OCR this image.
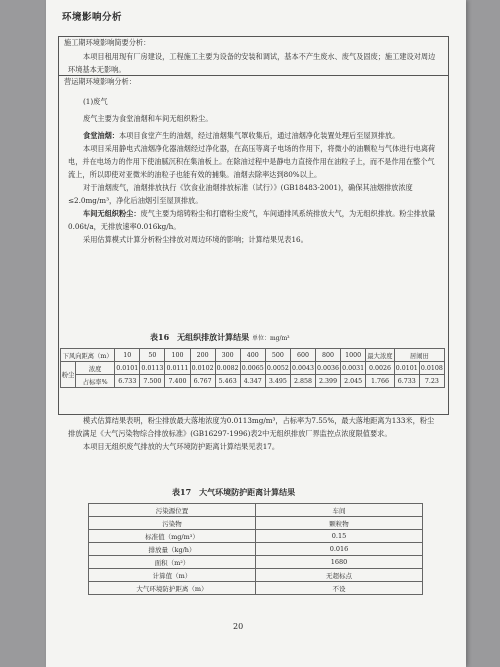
环境影响分析
施工期环境影响简要分析：

本项目租用现有厂房建设，工程施工主要为设备的安装和调试，基本不产生废水、废气及固废；施工建设对周边环境基本无影响。

营运期环境影响分析：

(1)废气

废气主要为食堂油烟和车间无组织粉尘。

食堂油烟：本项目食堂产生的油烟，经过油烟集气罩收集后，通过油烟净化装置处理后至屋顶排放。

本项目采用静电式油烟净化器油烟经过净化器，在高压等离子电场的作用下，将微小的油颗粒与气体进行电离荷电，并在电场力的作用下使油腻沉积在集油板上。在除油过程中是静电力直接作用在油粒子上，而不是作用在整个气流上，所以即使对亚微米的油粒子也能有效的捕集。油烟去除率达到80%以上。

对于油烟废气，油烟排放执行《饮食业油烟排放标准（试行）》(GB18483-2001)，确保其油烟排放浓度≤2.0mg/m³，净化后油烟引至屋顶排放。

车间无组织粉尘：废气主要为熔铸粉尘和打磨粉尘废气，车间通排风系统排放大气，为无组织排放。粉尘排放量0.06t/a，无排放速率0.016kg/h。

采用估算模式计算分析粉尘排放对周边环境的影响；计算结果见表16。

表16　无组织排放计算结果 单位：mg/m³
下风向距离（m）		10	50	100	200	300	400	500	600	800	1000	最大浓度	居闹田	
粉尘	浓度	0.0101	0.0113	0.0111	0.0102	0.0082	0.0065	0.0052	0.0043	0.0036	0.0031	0.0026	0.0101	0.0108
	占标率%	6.733	7.500	7.400	6.767	5.463	4.347	3.495	2.858	2.399	2.045	1.766	6.733	7.23

模式估算结果表明，粉尘排放最大落地浓度为0.0113mg/m³，占标率为7.55%，最大落地距离为133米，粉尘排放满足《大气污染物综合排放标准》(GB16297-1996)表2中无组织排放厂界监控点浓度限值要求。

本项目无组织废气排放的大气环境防护距离计算结果见表17。

表17　大气环境防护距离计算结果
污染源位置	车间
污染物	颗粒物
标准值（mg/m³）	0.15
排放量（kg/h）	0.016
面积（m²）	1680
计算值（m）	无超标点
大气环境防护距离（m）	不设
20
